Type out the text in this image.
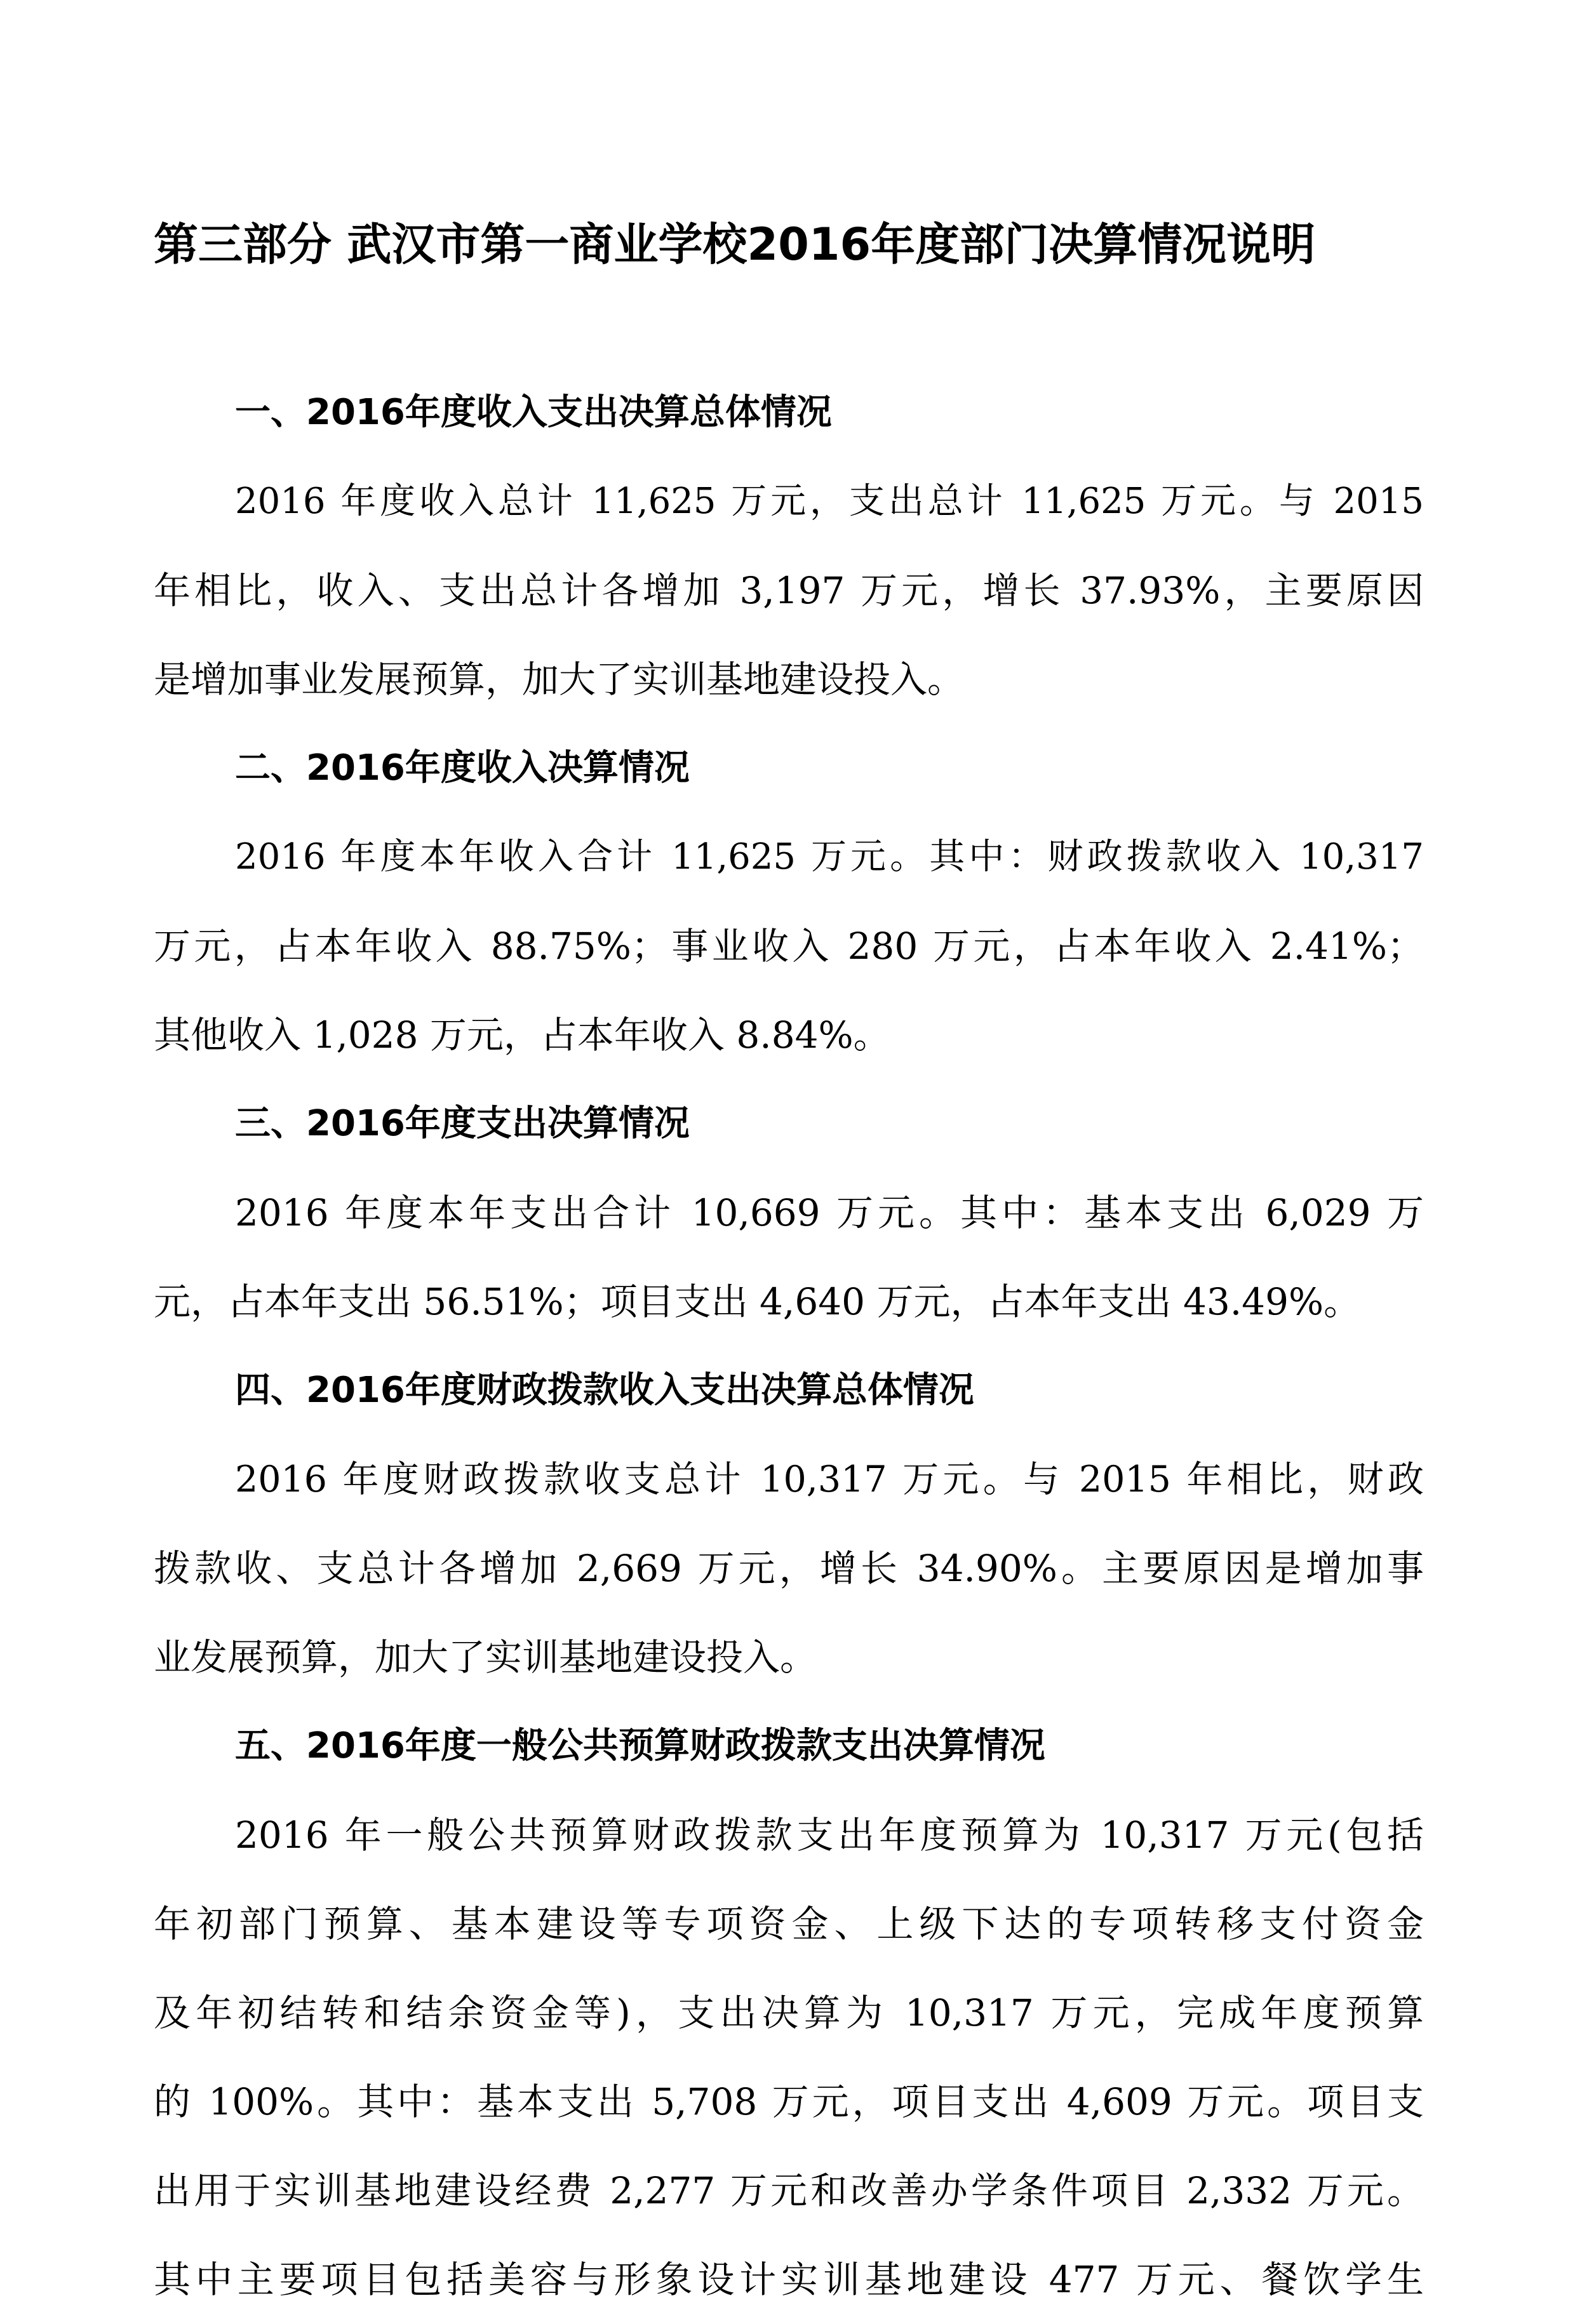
第三部分 武汉市第一商业学校2016年度部门决算情况说明
一、2016年度收入支出决算总体情况
2016 年度收入总计 11,625 万元，支出总计 11,625 万元。与 2015
年相比，收入、支出总计各增加 3,197 万元，增长 37.93%，主要原因
是增加事业发展预算，加大了实训基地建设投入。
二、2016年度收入决算情况
2016 年度本年收入合计 11,625 万元。其中：财政拨款收入 10,317
万元，占本年收入 88.75%；事业收入 280 万元，占本年收入 2.41%；
其他收入 1,028 万元，占本年收入 8.84%。
三、2016年度支出决算情况
2016 年度本年支出合计 10,669 万元。其中：基本支出 6,029 万
元，占本年支出 56.51%；项目支出 4,640 万元，占本年支出 43.49%。
四、2016年度财政拨款收入支出决算总体情况
2016 年度财政拨款收支总计 10,317 万元。与 2015 年相比，财政
拨款收、支总计各增加 2,669 万元，增长 34.90%。主要原因是增加事
业发展预算，加大了实训基地建设投入。
五、2016年度一般公共预算财政拨款支出决算情况
2016 年一般公共预算财政拨款支出年度预算为 10,317 万元(包括
年初部门预算、基本建设等专项资金、上级下达的专项转移支付资金
及年初结转和结余资金等)，支出决算为 10,317 万元，完成年度预算
的 100%。其中：基本支出 5,708 万元，项目支出 4,609 万元。项目支
出用于实训基地建设经费 2,277 万元和改善办学条件项目 2,332 万元。
其中主要项目包括美容与形象设计实训基地建设 477 万元、餐饮学生
